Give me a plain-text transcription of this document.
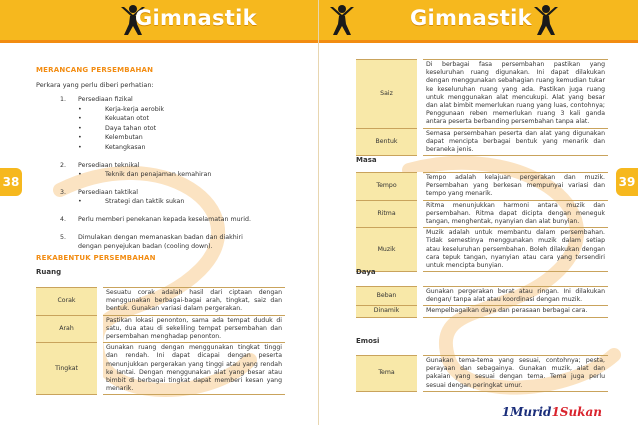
Gimnastik
38
MERANCANG PERSEMBAHAN
Perkara yang perlu diberi perhatian:
1. Persediaan fizikal
• Kerja-kerja aerobik
• Kekuatan otot
• Daya tahan otot
• Kelembutan
• Ketangkasan
2. Persediaan teknikal
• Teknik dan penajaman kemahiran
3. Persediaan taktikal
• Strategi dan taktik sukan
4. Perlu memberi penekanan kepada keselamatan murid.
5. Dimulakan dengan memanaskan badan dan diakhiri dengan penyejukan badan (cooling down).
REKABENTUK PERSEMBAHAN
Ruang
Corak	Sesuatu corak adalah hasil dari ciptaan dengan menggunakan berbagai-bagai arah, tingkat, saiz dan bentuk. Gunakan variasi dalam pergerakan.
Arah	Pastikan lokasi penonton, sama ada tempat duduk di satu, dua atau di sekeliling tempat persembahan dan persembahan menghadap penonton.
Tingkat	Gunakan ruang dengan menggunakan tingkat tinggi dan rendah. Ini dapat dicapai dengan peserta menunjukkan pergerakan yang tinggi atau yang rendah ke lantai. Dengan menggunakan alat yang besar atau bimbit di berbagai tingkat dapat memberi kesan yang menarik.
Gimnastik
39
Saiz	Di berbagai fasa persembahan pastikan yang keseluruhan ruang digunakan. Ini dapat dilakukan dengan menggunakan sebahagian ruang kemudian tukar ke keseluruhan ruang yang ada. Pastikan juga ruang untuk menggunakan alat mencukupi. Alat yang besar dan alat bimbit memerlukan ruang yang luas, contohnya; Penggunaan reben memerlukan ruang 3 kali ganda antara peserta berbanding persembahan tanpa alat.
Bentuk	Semasa persembahan peserta dan alat yang digunakan dapat mencipta berbagai bentuk yang menarik dan beraneka jenis.
Masa
Tempo	Tempo adalah kelajuan pergerakan dan muzik. Persembahan yang berkesan mempunyai variasi dan tempo yang menarik.
Ritma	Ritma menunjukkan harmoni antara muzik dan persembahan. Ritma dapat dicipta dengan meneguk tangan, menghentak, nyanyian dan alat bunyian.
Muzik	Muzik adalah untuk membantu dalam persembahan. Tidak semestinya menggunakan muzik dalam setiap atau keseluruhan persembahan. Boleh dilakukan dengan cara tepuk tangan, nyanyian atau cara yang tersendiri untuk mencipta bunyian.
Daya
Beban	Gunakan pergerakan berat atau ringan. Ini dilakukan dengan/ tanpa alat atau koordinasi dengan muzik.
Dinamik	Mempelbagaikan daya dan perasaan berbagai cara.
Emosi
Tema	Gunakan tema-tema yang sesuai, contohnya; pesta, perayaan dan sebagainya. Gunakan muzik, alat dan pakaian yang sesuai dengan tema. Tema juga perlu sesuai dengan peringkat umur.
1Murid1Sukan
